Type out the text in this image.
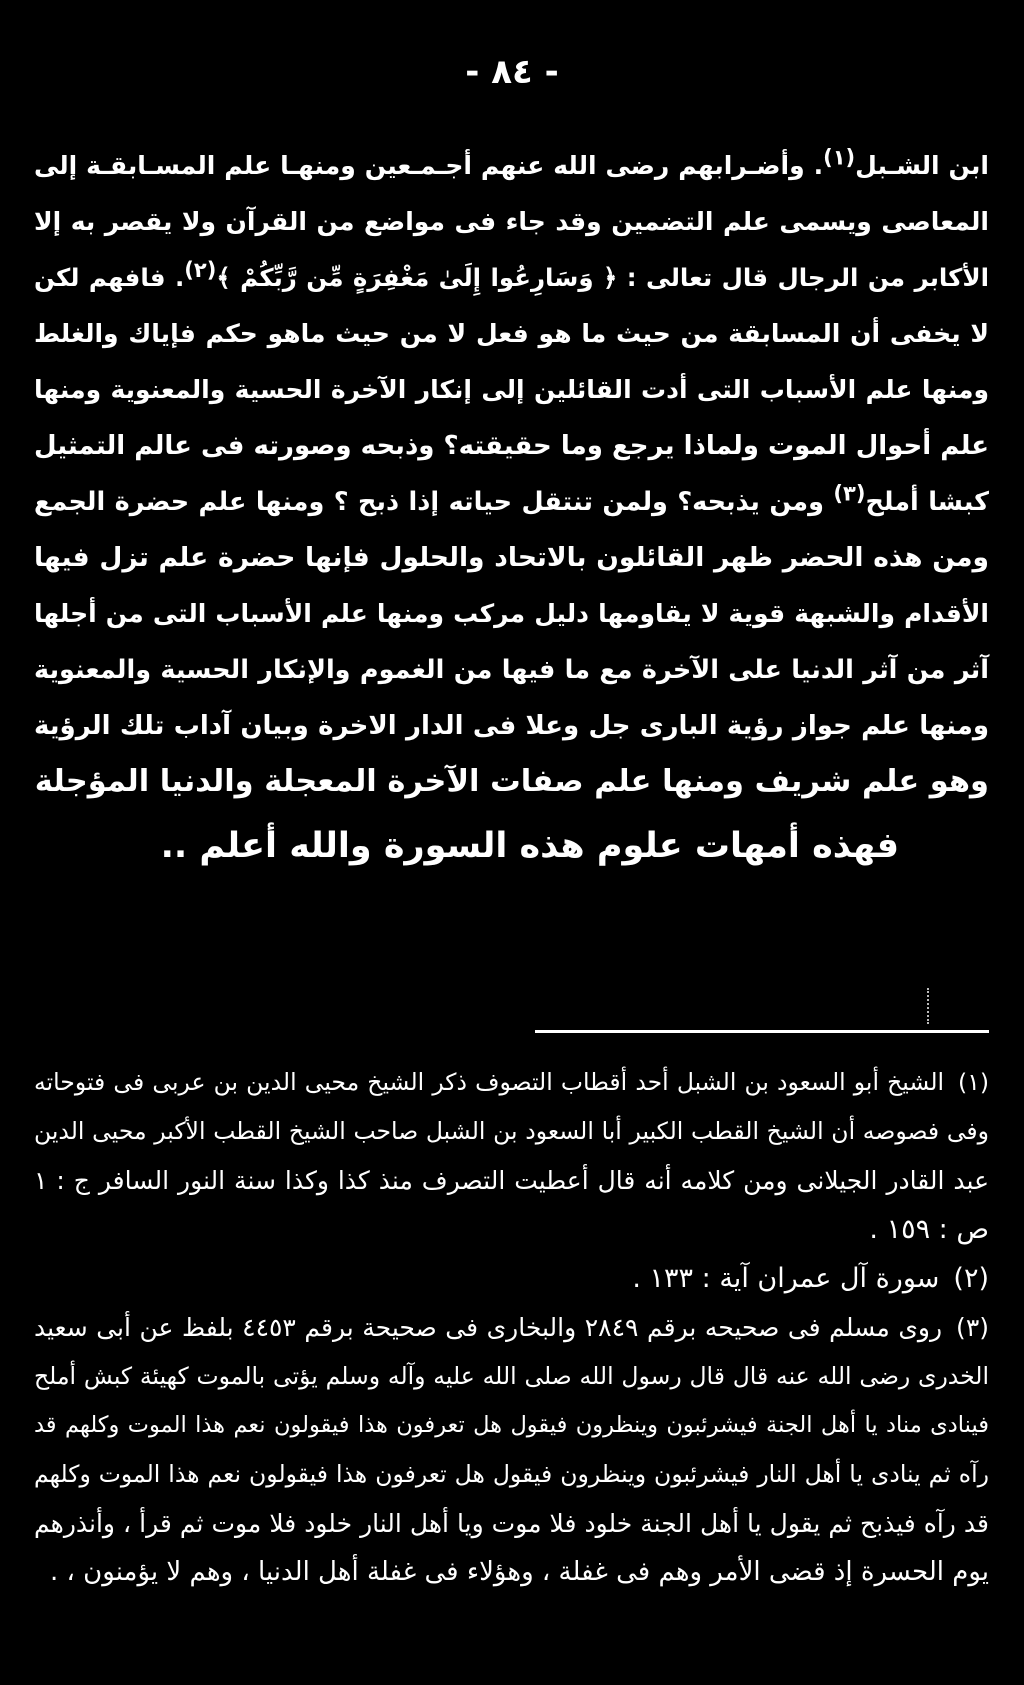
- ٨٤ -
ابن الشـبل$^{(١)}$. وأضـرابهم رضى الله عنهم أجـمـعين ومنهـا علم المسـابقـة إلى
المعاصى ويسمى علم التضمين وقد جاء فى مواضع من القرآن ولا يقصر به إلا
الأكابر من الرجال قال تعالى : ﴿ وَسَارِعُوا إِلَىٰ مَغْفِرَةٍ مِّن رَّبِّكُمْ ﴾(٢). فافهم لكن
لا يخفى أن المسابقة من حيث ما هو فعل لا من حيث ماهو حكم فإياك والغلط
ومنها علم الأسباب التى أدت القائلين إلى إنكار الآخرة الحسية والمعنوية ومنها
علم أحوال الموت ولماذا يرجع وما حقيقته؟ وذبحه وصورته فى عالم التمثيل
كبشا أملح$^{(٣)}$ ومن يذبحه؟ ولمن تنتقل حياته إذا ذبح ؟ ومنها علم حضرة الجمع
ومن هذه الحضر ظهر القائلون بالاتحاد والحلول فإنها حضرة علم تزل فيها
الأقدام والشبهة قوية لا يقاومها دليل مركب ومنها علم الأسباب التى من أجلها
آثر من آثر الدنيا على الآخرة مع ما فيها من الغموم والإنكار الحسية والمعنوية
ومنها علم جواز رؤية البارى جل وعلا فى الدار الاخرة وبيان آداب تلك الرؤية
وهو علم شريف ومنها علم صفات الآخرة المعجلة والدنيا المؤجلة
فهذه أمهات علوم هذه السورة والله أعلم ..
(١)الشيخ أبو السعود بن الشبل أحد أقطاب التصوف ذكر الشيخ محيى الدين بن عربى فى فتوحاته
وفى فصوصه أن الشيخ القطب الكبير أبا السعود بن الشبل صاحب الشيخ القطب الأكبر محيى الدين
عبد القادر الجيلانى ومن كلامه أنه قال أعطيت التصرف منذ كذا وكذا سنة النور السافر ج : ١
ص : ١٥٩ .
(٢)سورة آل عمران آية : ١٣٣ .
(٣)روى مسلم فى صحيحه برقم ٢٨٤٩ والبخارى فى صحيحة برقم ٤٤٥٣ بلفظ عن أبى سعيد
الخدرى رضى الله عنه قال قال رسول الله صلى الله عليه وآله وسلم يؤتى بالموت كهيئة كبش أملح
فينادى مناد يا أهل الجنة فيشرئبون وينظرون فيقول هل تعرفون هذا فيقولون نعم هذا الموت وكلهم قد
رآه ثم ينادى يا أهل النار فيشرئبون وينظرون فيقول هل تعرفون هذا فيقولون نعم هذا الموت وكلهم
قد رآه فيذبح ثم يقول يا أهل الجنة خلود فلا موت ويا أهل النار خلود فلا موت ثم قرأ ، وأنذرهم
يوم الحسرة إذ قضى الأمر وهم فى غفلة ، وهؤلاء فى غفلة أهل الدنيا ، وهم لا يؤمنون ، .
